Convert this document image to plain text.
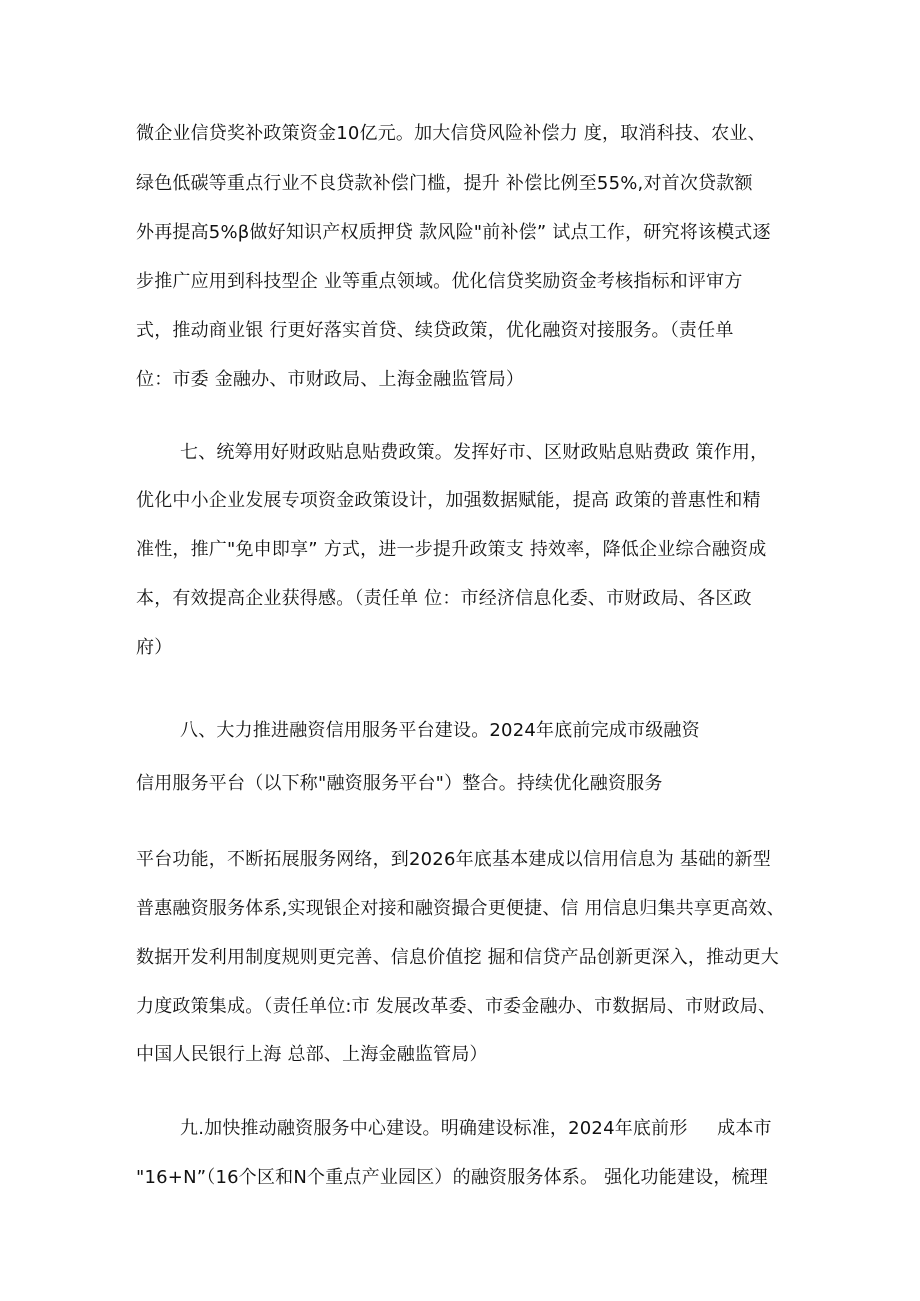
微企业信贷奖补政策资金10亿元。加大信贷风险补偿力 度，取消科技、农业、
绿色低碳等重点行业不良贷款补偿门槛，提升 补偿比例至55%,对首次贷款额
外再提高5%β做好知识产权质押贷 款风险"前补偿” 试点工作，研究将该模式逐
步推广应用到科技型企 业等重点领域。优化信贷奖励资金考核指标和评审方
式，推动商业银 行更好落实首贷、续贷政策，优化融资对接服务。（责任单
位：市委 金融办、市财政局、上海金融监管局）
七、统筹用好财政贴息贴费政策。发挥好市、区财政贴息贴费政 策作用，
优化中小企业发展专项资金政策设计，加强数据赋能，提高 政策的普惠性和精
准性，推广"免申即享” 方式，进一步提升政策支 持效率，降低企业综合融资成
本，有效提高企业获得感。（责任单 位：市经济信息化委、市财政局、各区政
府）
八、大力推进融资信用服务平台建设。2024年底前完成市级融资
信用服务平台（以下称"融资服务平台"）整合。持续优化融资服务
平台功能，不断拓展服务网络，到2026年底基本建成以信用信息为 基础的新型
普惠融资服务体系,实现银企对接和融资撮合更便捷、信 用信息归集共享更高效、
数据开发利用制度规则更完善、信息价值挖 掘和信贷产品创新更深入，推动更大
力度政策集成。（责任单位:市 发展改革委、市委金融办、市数据局、市财政局、
中国人民银行上海 总部、上海金融监管局）
九.加快推动融资服务中心建设。明确建设标准，2024年底前形     成本市
"16+N”（16个区和N个重点产业园区）的融资服务体系。 强化功能建设，梳理
